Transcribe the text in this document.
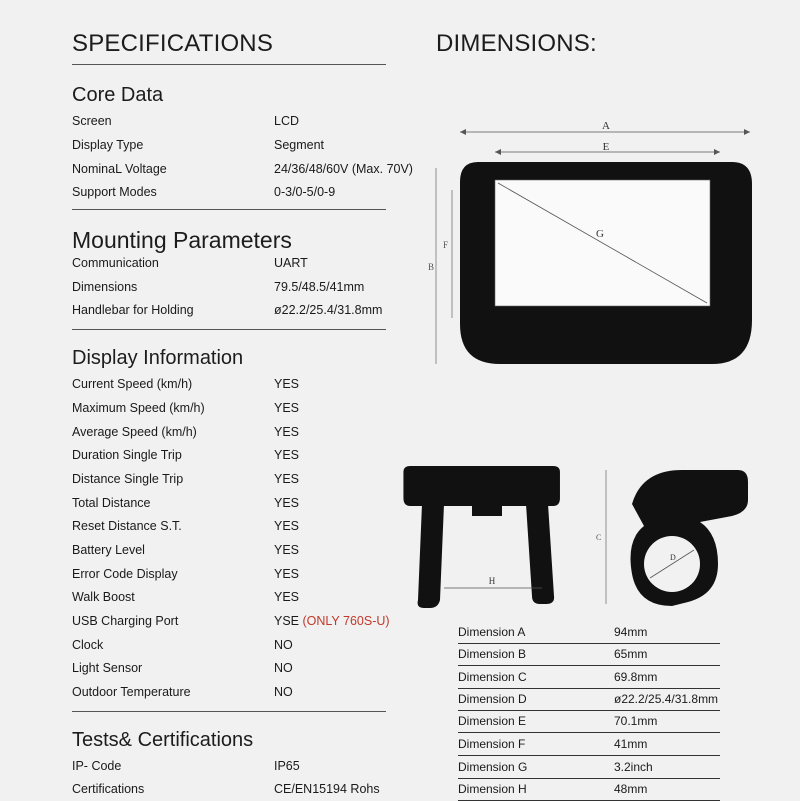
SPECIFICATIONS
Core Data
Screen	LCD
Display Type	Segment
NominaL Voltage	24/36/48/60V (Max. 70V)
Support Modes	0-3/0-5/0-9
Mounting Parameters
Communication	UART
Dimensions	79.5/48.5/41mm
Handlebar for Holding	ø22.2/25.4/31.8mm
Display Information
Current Speed (km/h)	YES
Maximum Speed (km/h)	YES
Average Speed (km/h)	YES
Duration Single Trip	YES
Distance Single Trip	YES
Total Distance	YES
Reset Distance S.T.	YES
Battery Level	YES
Error Code Display	YES
Walk Boost	YES
USB Charging Port	YSE (ONLY 760S-U)
Clock	NO
Light Sensor	NO
Outdoor Temperature	NO
Tests& Certifications
IP- Code	IP65
Certifications	CE/EN15194 Rohs
DIMENSIONS:
A
E
B
F
G
H
C
D
Dimension A	94mm
Dimension B	65mm
Dimension C	69.8mm
Dimension D	ø22.2/25.4/31.8mm
Dimension E	70.1mm
Dimension F	41mm
Dimension G	3.2inch
Dimension H	48mm
